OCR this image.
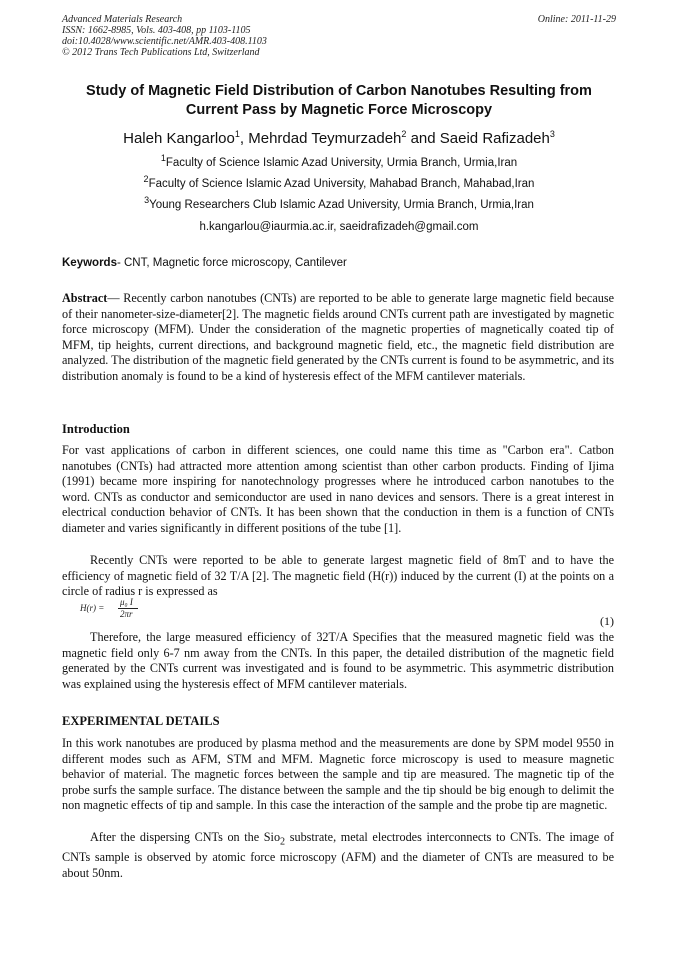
Advanced Materials Research
ISSN: 1662-8985, Vols. 403-408, pp 1103-1105
doi:10.4028/www.scientific.net/AMR.403-408.1103
© 2012 Trans Tech Publications Ltd, Switzerland
Online: 2011-11-29
Study of Magnetic Field Distribution of Carbon Nanotubes Resulting from Current Pass by Magnetic Force Microscopy
Haleh Kangarloo$^1$, Mehrdad Teymurzadeh$^2$ and Saeid Rafizadeh$^3$
$^1$Faculty of Science Islamic Azad University, Urmia Branch, Urmia,Iran
$^2$Faculty of Science Islamic Azad University, Mahabad Branch, Mahabad,Iran
$^3$Young Researchers Club Islamic Azad University, Urmia Branch, Urmia,Iran
h.kangarlou@iaurmia.ac.ir, saeidrafizadeh@gmail.com
Keywords- CNT, Magnetic force microscopy, Cantilever

Abstract— Recently carbon nanotubes (CNTs) are reported to be able to generate large magnetic field because of their nanometer-size-diameter[2]. The magnetic fields around CNTs current path are investigated by magnetic force microscopy (MFM). Under the consideration of the magnetic properties of magnetically coated tip of MFM, tip heights, current directions, and background magnetic field, etc., the magnetic field distribution are analyzed. The distribution of the magnetic field generated by the CNTs current is found to be asymmetric, and its distribution anomaly is found to be a kind of hysteresis effect of the MFM cantilever materials.

Introduction

For vast applications of carbon in different sciences, one could name this time as "Carbon era". Catbon nanotubes (CNTs) had attracted more attention among scientist than other carbon products. Finding of Ijima (1991) became more inspiring for nanotechnology progresses where he introduced carbon nanotubes to the word. CNTs as conductor and semiconductor are used in nano devices and sensors. There is a great interest in electrical conduction behavior of CNTs. It has been shown that the conduction in them is a function of CNTs diameter and varies significantly in different positions of the tube [1].

Recently CNTs were reported to be able to generate largest magnetic field of 8mT and to have the efficiency of magnetic field of 32 T/A [2]. The magnetic field (H(r)) induced by the current (I) at the points on a circle of radius r is expressed as

H(r) =
μ₀ I
2πr	(1)

Therefore, the large measured efficiency of 32T/A Specifies that the measured magnetic field was the magnetic field only 6-7 nm away from the CNTs. In this paper, the detailed distribution of the magnetic field generated by the CNTs current was investigated and is found to be asymmetric. This asymmetric distribution was explained using the hysteresis effect of MFM cantilever materials.

EXPERIMENTAL DETAILS

In this work nanotubes are produced by plasma method and the measurements are done by SPM model 9550 in different modes such as AFM, STM and MFM. Magnetic force microscopy is used to measure magnetic behavior of material. The magnetic forces between the sample and tip are measured. The magnetic tip of the probe surfs the sample surface. The distance between the sample and the tip should be big enough to delimit the non magnetic effects of tip and sample. In this case the interaction of the sample and the probe tip are magnetic.

After the dispersing CNTs on the Sio$_2$ substrate, metal electrodes interconnects to CNTs. The image of CNTs sample is observed by atomic force microscopy (AFM) and the diameter of CNTs are measured to be about 50nm.
